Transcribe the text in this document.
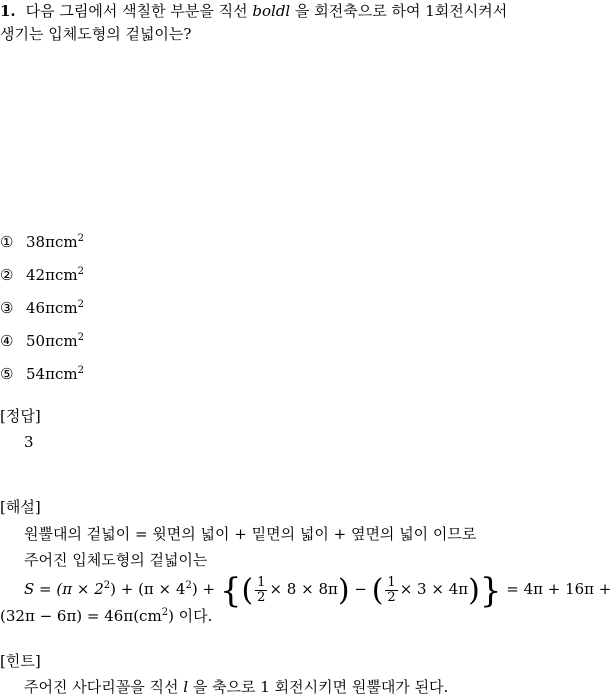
1. 다음 그림에서 색칠한 부분을 직선 boldl 을 회전축으로 하여 1회전시켜서
생기는 입체도형의 겉넓이는?
① 38πcm$^2$
② 42πcm$^2$
③ 46πcm$^2$
④ 50πcm$^2$
⑤ 54πcm$^2$
[정답]
3
[해설]
원뿔대의 겉넓이 = 윗면의 넓이 + 밑면의 넓이 + 옆면의 넓이 이므로
주어진 입체도형의 겉넓이는
$S = (\pi \times 2^2) + (\pi \times 4^2)$ + {( $\frac{1}{2} \times 8 \times 8\pi$) − ( $\frac{1}{2} \times 3 \times 4\pi)\} = 4\pi + 16\pi$ +
$(32\pi - 6\pi) = 46\pi(cm^2)$ 이다.
[힌트]
주어진 사다리꼴을 직선 l 을 축으로 1 회전시키면 원뿔대가 된다.
